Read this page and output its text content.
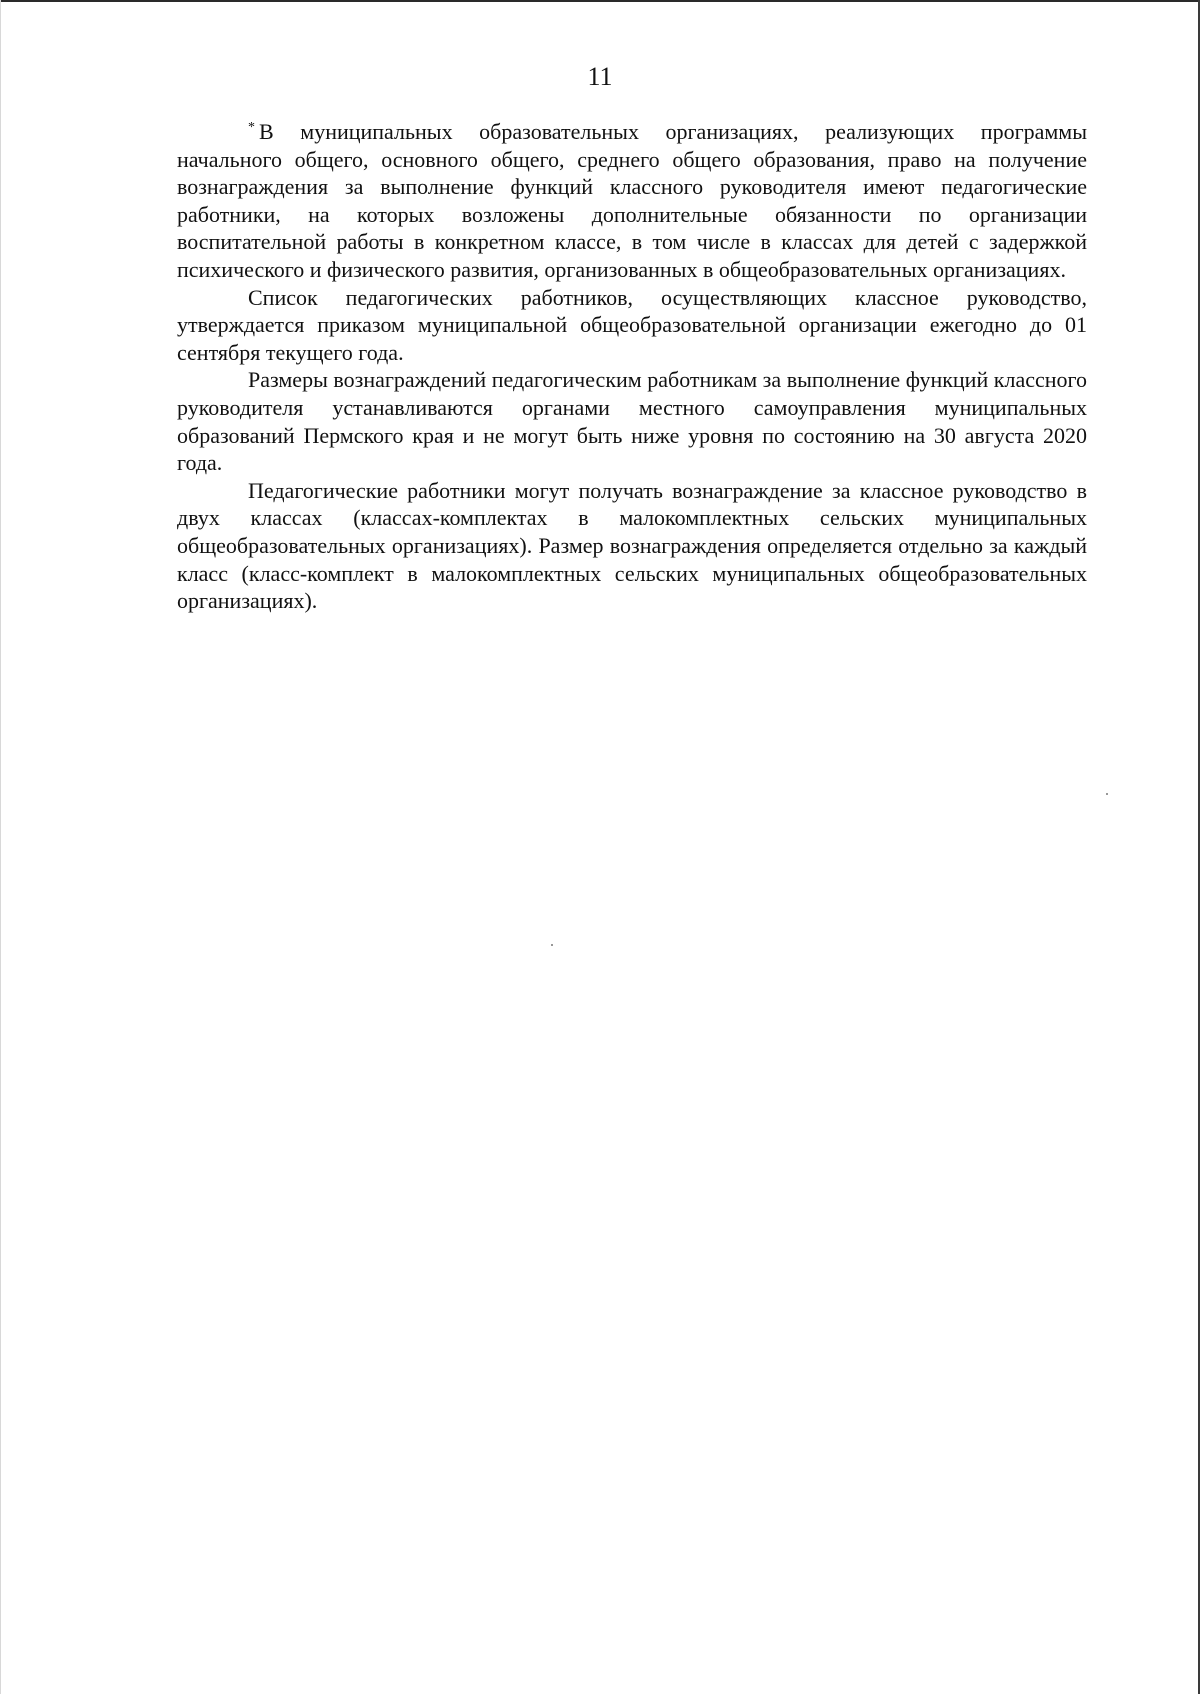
11

* В муниципальных образовательных организациях, реализующих программы начального общего, основного общего, среднего общего образования, право на получение вознаграждения за выполнение функций классного руководителя имеют педагогические работники, на которых возложены дополнительные обязанности по организации воспитательной работы в конкретном классе, в том числе в классах для детей с задержкой психического и физического развития, организованных в общеобразовательных организациях.

Список педагогических работников, осуществляющих классное руководство, утверждается приказом муниципальной общеобразовательной организации ежегодно до 01 сентября текущего года.

Размеры вознаграждений педагогическим работникам за выполнение функций классного руководителя устанавливаются органами местного самоуправления муниципальных образований Пермского края и не могут быть ниже уровня по состоянию на 30 августа 2020 года.

Педагогические работники могут получать вознаграждение за классное руководство в двух классах (классах-комплектах в малокомплектных сельских муниципальных общеобразовательных организациях). Размер вознаграждения определяется отдельно за каждый класс (класс-комплект в малокомплектных сельских муниципальных общеобразовательных организациях).
